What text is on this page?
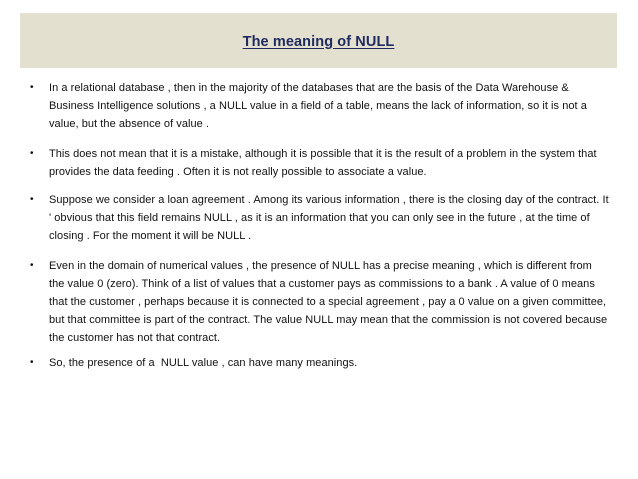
The meaning of NULL
• In a relational database , then in the majority of the databases that are the basis of the Data Warehouse & Business Intelligence solutions , a NULL value in a field of a table, means the lack of information, so it is not a value, but the absence of value .
• This does not mean that it is a mistake, although it is possible that it is the result of a problem in the system that provides the data feeding . Often it is not really possible to associate a value.
• Suppose we consider a loan agreement . Among its various information , there is the closing day of the contract. It ' obvious that this field remains NULL , as it is an information that you can only see in the future , at the time of closing . For the moment it will be NULL .
• Even in the domain of numerical values , the presence of NULL has a precise meaning , which is different from the value 0 (zero). Think of a list of values that a customer pays as commissions to a bank . A value of 0 means that the customer , perhaps because it is connected to a special agreement , pay a 0 value on a given committee, but that committee is part of the contract. The value NULL may mean that the commission is not covered because the customer has not that contract.
• So, the presence of a  NULL value , can have many meanings.
